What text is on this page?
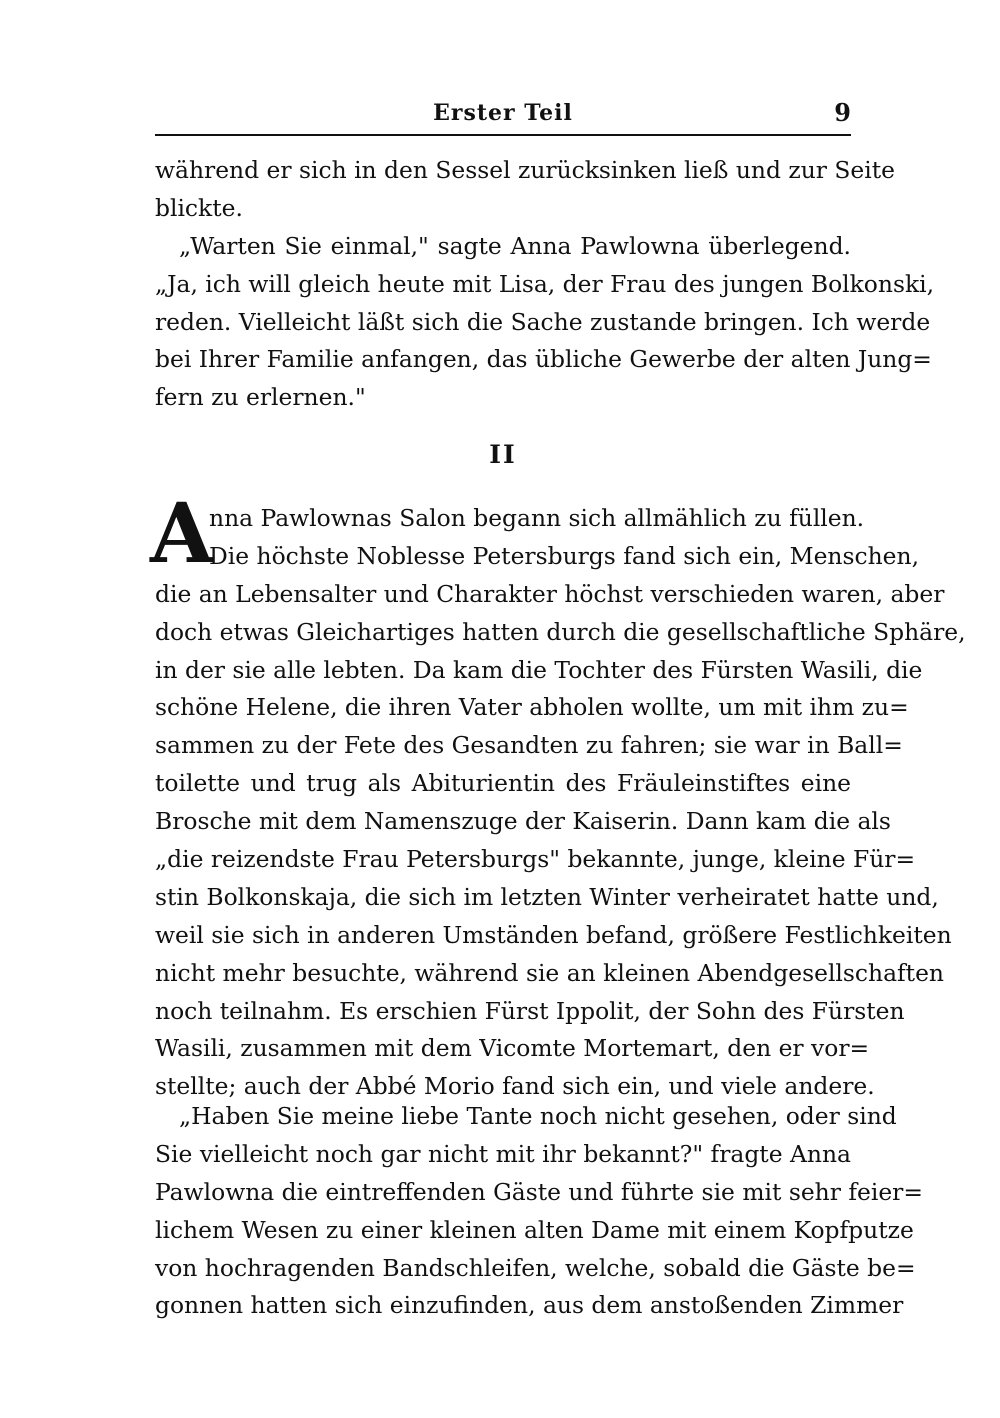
Erster Teil	9
während er sich in den Sessel zurücksinken ließ und zur Seite
blickte.
„Warten Sie einmal," sagte Anna Pawlowna überlegend.
„Ja, ich will gleich heute mit Lisa, der Frau des jungen Bolkonski,
reden. Vielleicht läßt sich die Sache zustande bringen. Ich werde
bei Ihrer Familie anfangen, das übliche Gewerbe der alten Jung=
fern zu erlernen."
II
A
nna Pawlownas Salon begann sich allmählich zu füllen.
Die höchste Noblesse Petersburgs fand sich ein, Menschen,
die an Lebensalter und Charakter höchst verschieden waren, aber
doch etwas Gleichartiges hatten durch die gesellschaftliche Sphäre,
in der sie alle lebten. Da kam die Tochter des Fürsten Wasili, die
schöne Helene, die ihren Vater abholen wollte, um mit ihm zu=
sammen zu der Fete des Gesandten zu fahren; sie war in Ball=
toilette und trug als Abiturientin des Fräuleinstiftes eine
Brosche mit dem Namenszuge der Kaiserin. Dann kam die als
„die reizendste Frau Petersburgs" bekannte, junge, kleine Für=
stin Bolkonskaja, die sich im letzten Winter verheiratet hatte und,
weil sie sich in anderen Umständen befand, größere Festlichkeiten
nicht mehr besuchte, während sie an kleinen Abendgesellschaften
noch teilnahm. Es erschien Fürst Ippolit, der Sohn des Fürsten
Wasili, zusammen mit dem Vicomte Mortemart, den er vor=
stellte; auch der Abbé Morio fand sich ein, und viele andere.
„Haben Sie meine liebe Tante noch nicht gesehen, oder sind
Sie vielleicht noch gar nicht mit ihr bekannt?" fragte Anna
Pawlowna die eintreffenden Gäste und führte sie mit sehr feier=
lichem Wesen zu einer kleinen alten Dame mit einem Kopfputze
von hochragenden Bandschleifen, welche, sobald die Gäste be=
gonnen hatten sich einzufinden, aus dem anstoßenden Zimmer
